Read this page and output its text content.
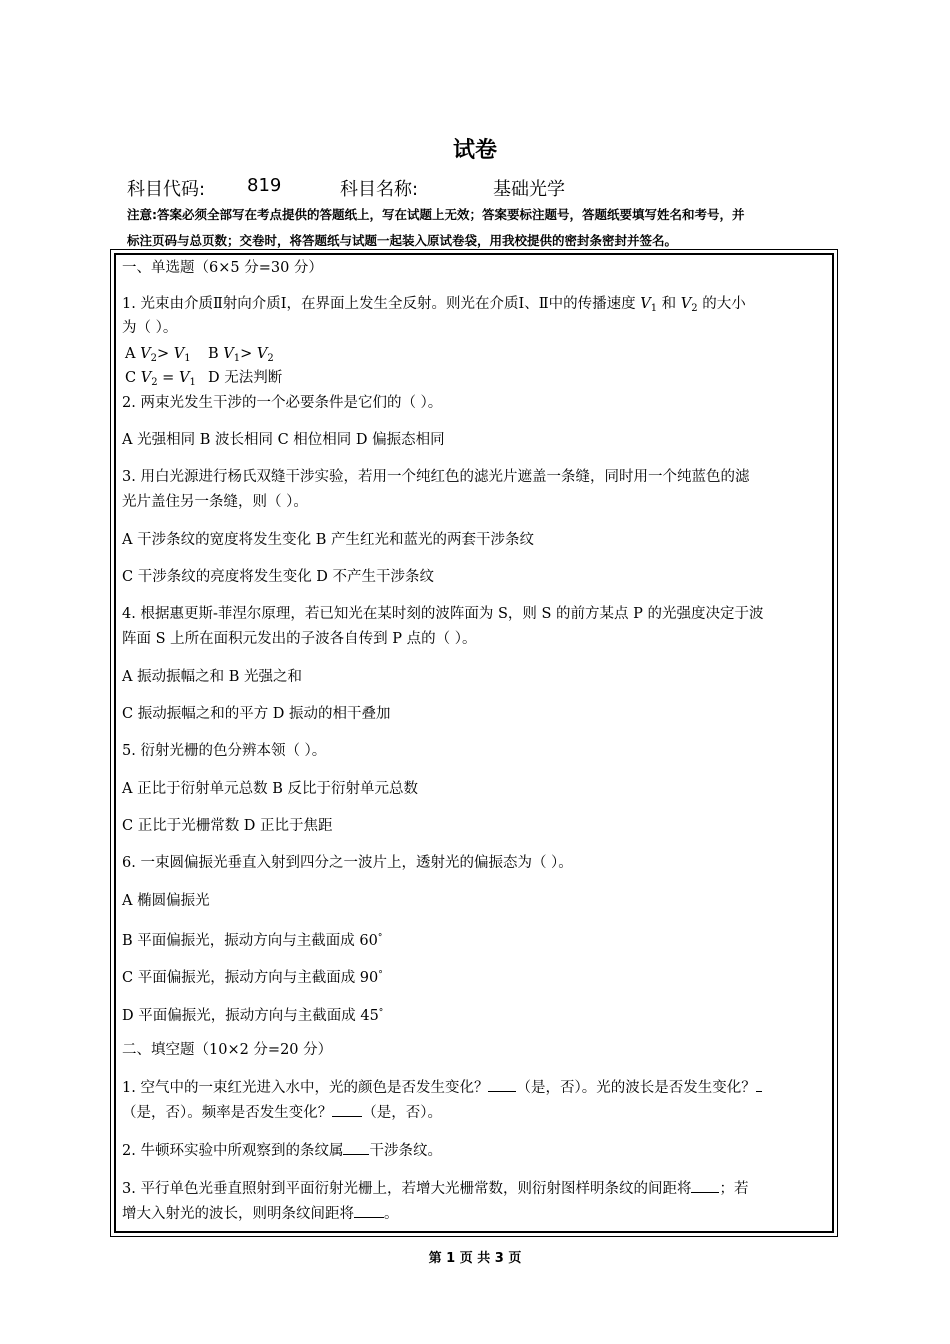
试卷
科目代码: 819	科目名称:	基础光学
注意:答案必须全部写在考点提供的答题纸上，写在试题上无效；答案要标注题号，答题纸要填写姓名和考号，并
标注页码与总页数；交卷时，将答题纸与试题一起装入原试卷袋，用我校提供的密封条密封并签名。
一、单选题（6×5 分=30 分）
1. 光束由介质Ⅱ射向介质Ⅰ，在界面上发生全反射。则光在介质Ⅰ、Ⅱ中的传播速度 $V_1$ 和 $V_2$ 的大小
为（ ）。
A $V_2> V_1$ B $V_1> V_2$
C $V_2 = V_1$ D 无法判断
2. 两束光发生干涉的一个必要条件是它们的（ ）。
A 光强相同 B 波长相同 C 相位相同 D 偏振态相同
3. 用白光源进行杨氏双缝干涉实验，若用一个纯红色的滤光片遮盖一条缝，同时用一个纯蓝色的滤
光片盖住另一条缝，则（ ）。
A 干涉条纹的宽度将发生变化 B 产生红光和蓝光的两套干涉条纹
C 干涉条纹的亮度将发生变化 D 不产生干涉条纹
4. 根据惠更斯-菲涅尔原理，若已知光在某时刻的波阵面为 S，则 S 的前方某点 P 的光强度决定于波
阵面 S 上所在面积元发出的子波各自传到 P 点的（ ）。
A 振动振幅之和 B 光强之和
C 振动振幅之和的平方 D 振动的相干叠加
5. 衍射光栅的色分辨本领（ ）。
A 正比于衍射单元总数 B 反比于衍射单元总数
C 正比于光栅常数 D 正比于焦距
6. 一束圆偏振光垂直入射到四分之一波片上，透射光的偏振态为（ ）。
A 椭圆偏振光
B 平面偏振光，振动方向与主截面成 60°
C 平面偏振光，振动方向与主截面成 90°
D 平面偏振光，振动方向与主截面成 45°
二、填空题（10×2 分=20 分）
1. 空气中的一束红光进入水中，光的颜色是否发生变化？ （是，否）。光的波长是否发生变化？
（是，否）。频率是否发生变化？ （是，否）。
2. 牛顿环实验中所观察到的条纹属 干涉条纹。
3. 平行单色光垂直照射到平面衍射光栅上，若增大光栅常数，则衍射图样明条纹的间距将 ；若
增大入射光的波长，则明条纹间距将 。
第 1 页 共 3 页
